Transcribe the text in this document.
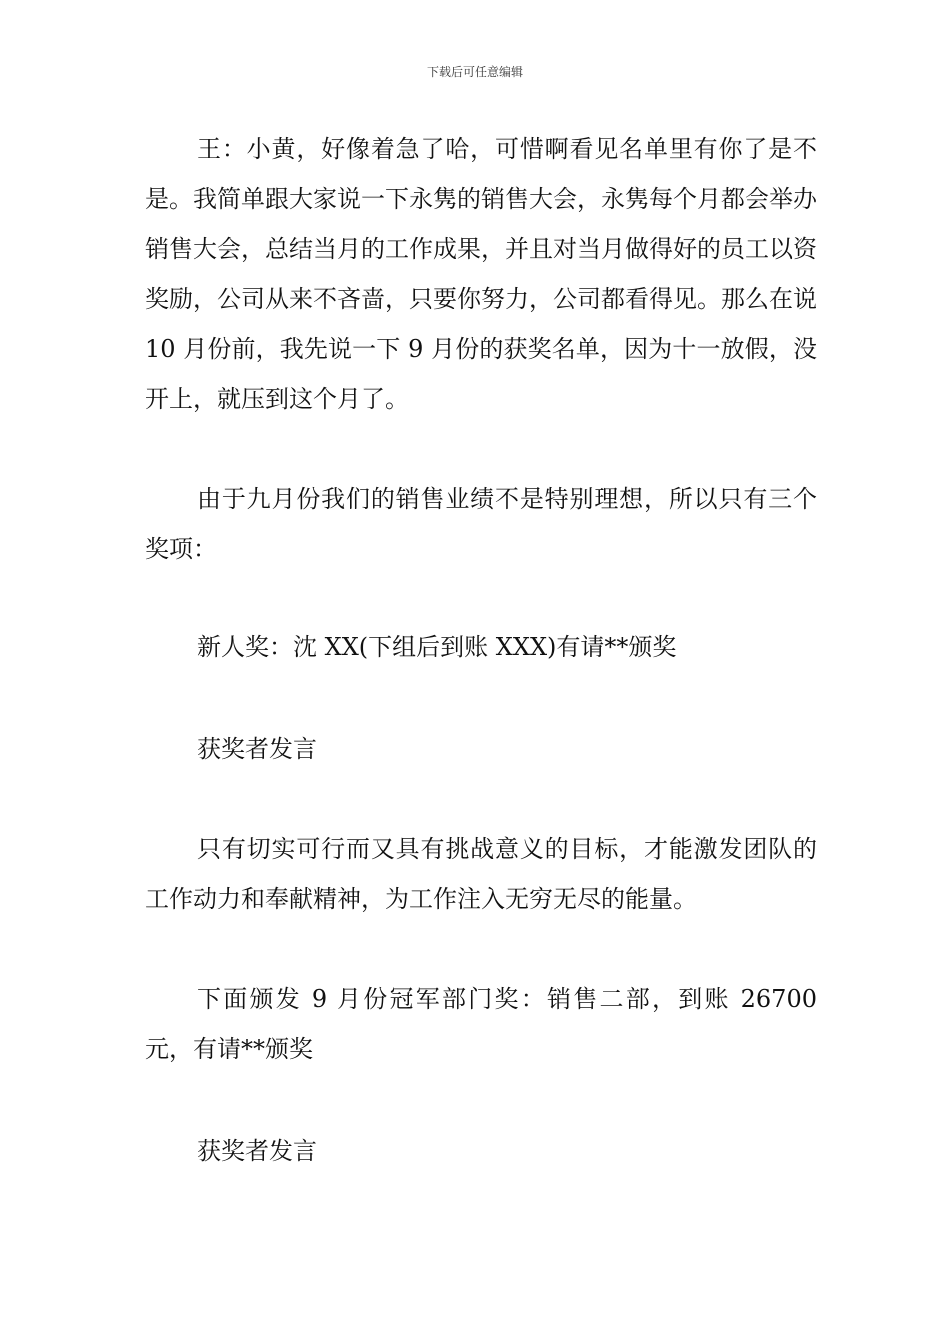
下载后可任意编辑

王：小黄，好像着急了哈，可惜啊看见名单里有你了是不是。我简单跟大家说一下永隽的销售大会，永隽每个月都会举办销售大会，总结当月的工作成果，并且对当月做得好的员工以资奖励，公司从来不吝啬，只要你努力，公司都看得见。那么在说 10 月份前，我先说一下 9 月份的获奖名单，因为十一放假，没开上，就压到这个月了。

由于九月份我们的销售业绩不是特别理想，所以只有三个奖项：

新人奖：沈 XX(下组后到账 XXX)有请**颁奖

获奖者发言

只有切实可行而又具有挑战意义的目标，才能激发团队的工作动力和奉献精神，为工作注入无穷无尽的能量。

下面颁发 9 月份冠军部门奖：销售二部，到账 26700 元，有请**颁奖

获奖者发言
